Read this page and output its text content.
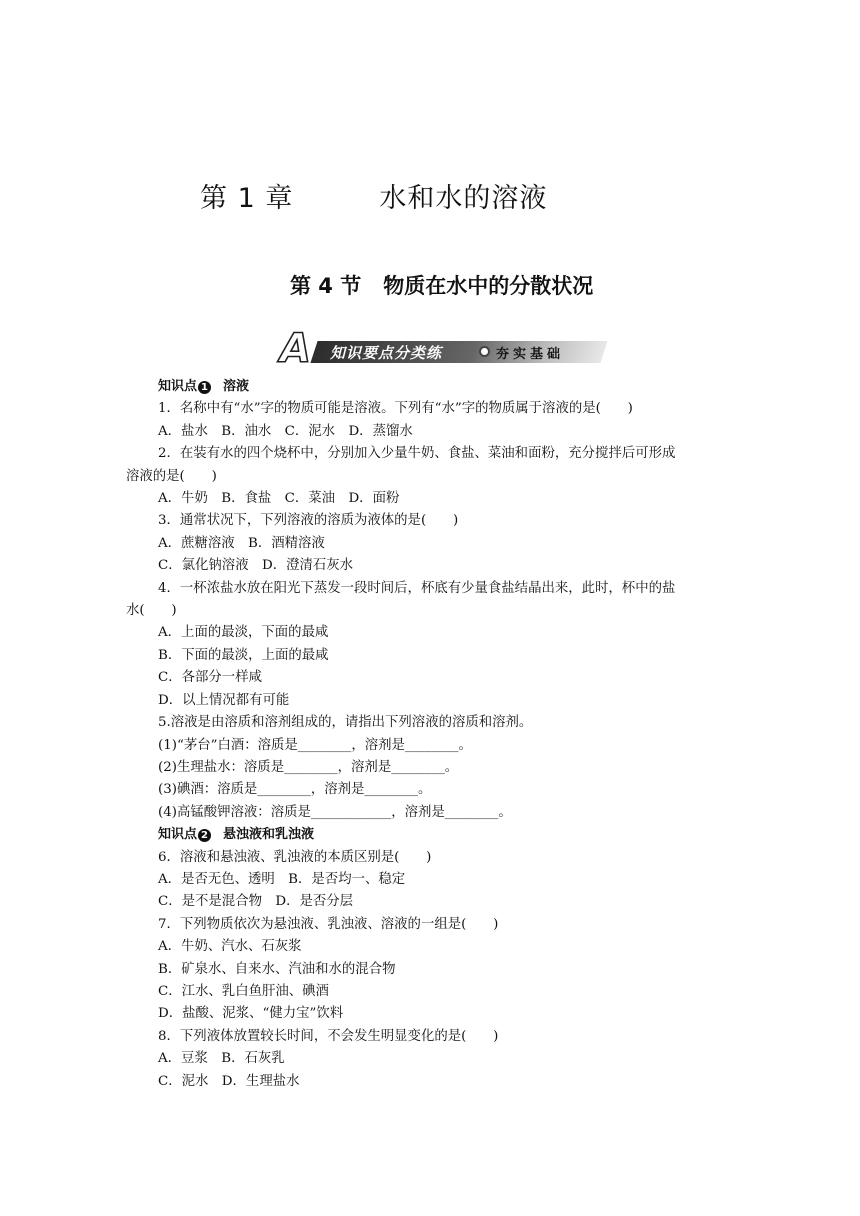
第 1 章	水和水的溶液
第 4 节 物质在水中的分散状况
A 知识要点分类练	夯实基础
知识点 1 溶液
1．名称中有“水”字的物质可能是溶液。下列有“水”字的物质属于溶液的是(　　)
A．盐水　B．油水　C．泥水　D．蒸馏水
2．在装有水的四个烧杯中，分别加入少量牛奶、食盐、菜油和面粉，充分搅拌后可形成
溶液的是(　　)
A．牛奶　B．食盐　C．菜油　D．面粉
3．通常状况下，下列溶液的溶质为液体的是(　　)
A．蔗糖溶液　B．酒精溶液
C．氯化钠溶液　D．澄清石灰水
4．一杯浓盐水放在阳光下蒸发一段时间后，杯底有少量食盐结晶出来，此时，杯中的盐
水(　　)
A．上面的最淡，下面的最咸
B．下面的最淡，上面的最咸
C．各部分一样咸
D．以上情况都有可能
5.溶液是由溶质和溶剂组成的，请指出下列溶液的溶质和溶剂。
(1)“茅台”白酒：溶质是________，溶剂是________。
(2)生理盐水：溶质是________，溶剂是________。
(3)碘酒：溶质是________，溶剂是________。
(4)高锰酸钾溶液：溶质是____________，溶剂是________。
知识点 2 悬浊液和乳浊液
6．溶液和悬浊液、乳浊液的本质区别是(　　)
A．是否无色、透明　B．是否均一、稳定
C．是不是混合物　D．是否分层
7．下列物质依次为悬浊液、乳浊液、溶液的一组是(　　)
A．牛奶、汽水、石灰浆
B．矿泉水、自来水、汽油和水的混合物
C．江水、乳白鱼肝油、碘酒
D．盐酸、泥浆、“健力宝”饮料
8．下列液体放置较长时间，不会发生明显变化的是(　　)
A．豆浆　B．石灰乳
C．泥水　D．生理盐水
